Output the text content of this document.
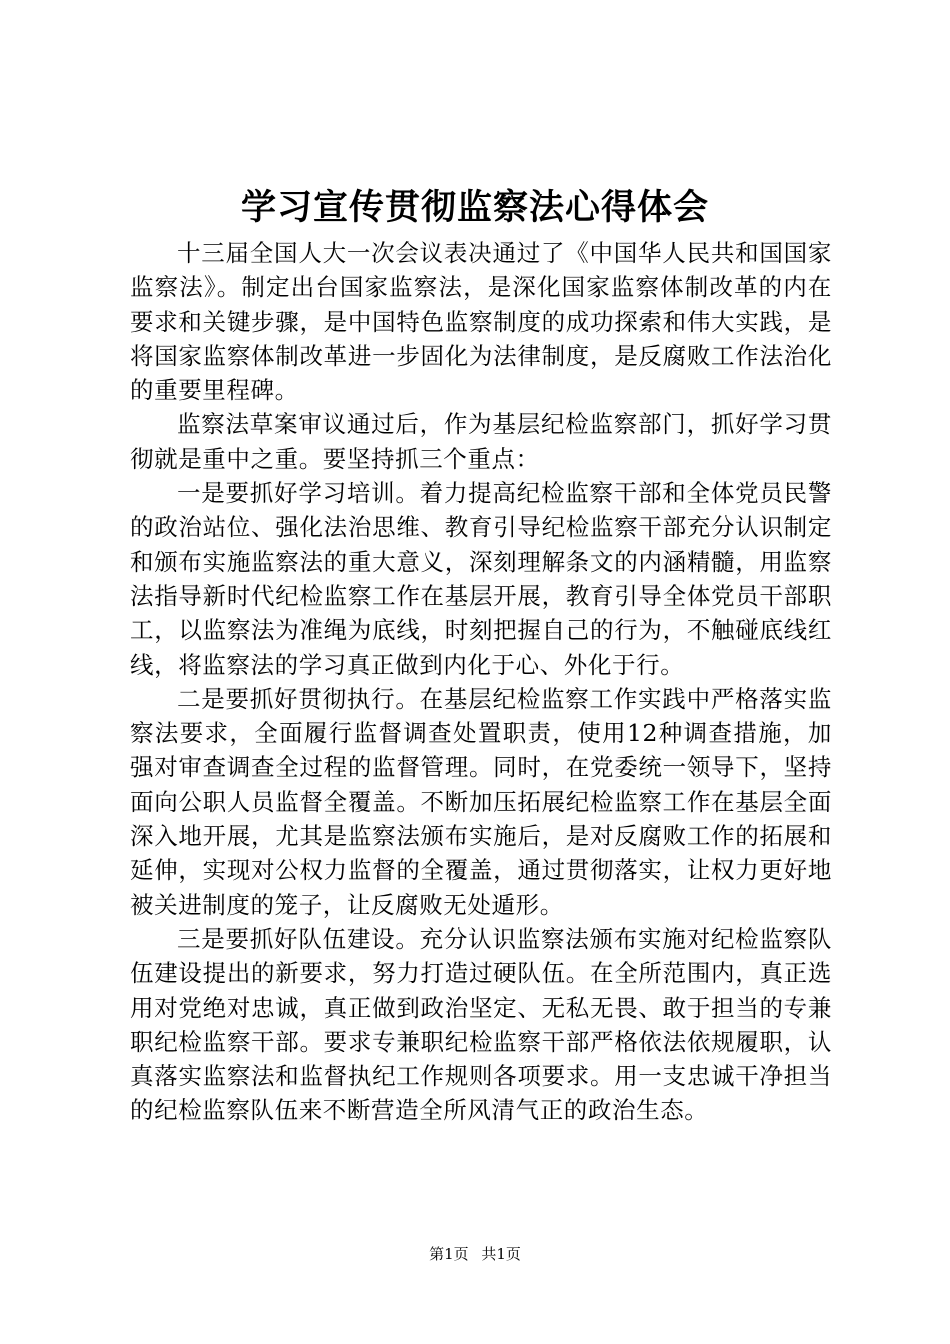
学习宣传贯彻监察法心得体会

十三届全国人大一次会议表决通过了《中国华人民共和国国家监察法》。制定出台国家监察法，是深化国家监察体制改革的内在要求和关键步骤，是中国特色监察制度的成功探索和伟大实践，是将国家监察体制改革进一步固化为法律制度，是反腐败工作法治化的重要里程碑。

监察法草案审议通过后，作为基层纪检监察部门，抓好学习贯彻就是重中之重。要坚持抓三个重点：

一是要抓好学习培训。着力提高纪检监察干部和全体党员民警的政治站位、强化法治思维、教育引导纪检监察干部充分认识制定和颁布实施监察法的重大意义，深刻理解条文的内涵精髓，用监察法指导新时代纪检监察工作在基层开展，教育引导全体党员干部职工，以监察法为准绳为底线，时刻把握自己的行为，不触碰底线红线，将监察法的学习真正做到内化于心、外化于行。

二是要抓好贯彻执行。在基层纪检监察工作实践中严格落实监察法要求，全面履行监督调查处置职责，使用12种调查措施，加强对审查调查全过程的监督管理。同时，在党委统一领导下，坚持面向公职人员监督全覆盖。不断加压拓展纪检监察工作在基层全面深入地开展，尤其是监察法颁布实施后，是对反腐败工作的拓展和延伸，实现对公权力监督的全覆盖，通过贯彻落实，让权力更好地被关进制度的笼子，让反腐败无处遁形。

三是要抓好队伍建设。充分认识监察法颁布实施对纪检监察队伍建设提出的新要求，努力打造过硬队伍。在全所范围内，真正选用对党绝对忠诚，真正做到政治坚定、无私无畏、敢于担当的专兼职纪检监察干部。要求专兼职纪检监察干部严格依法依规履职，认真落实监察法和监督执纪工作规则各项要求。用一支忠诚干净担当的纪检监察队伍来不断营造全所风清气正的政治生态。

第1页 共1页
